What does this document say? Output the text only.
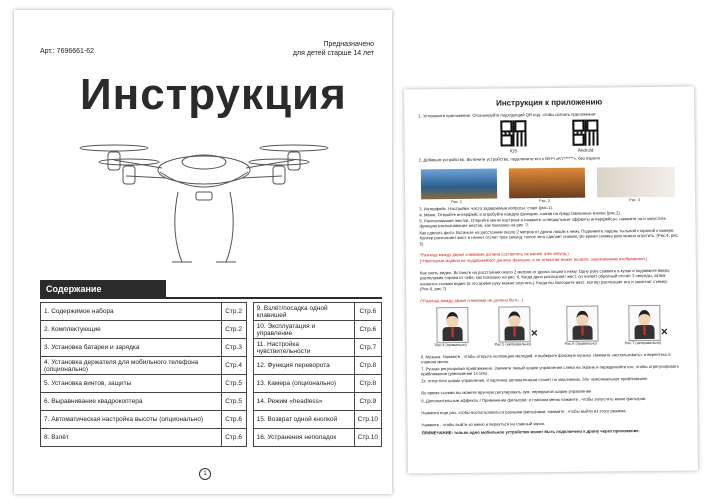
Арт.: 7696661-62
Предназначено
для детей старше 14 лет
Инструкция
Содержание
1. Содержимое набора	Стр.2		9. Взлёт/посадка одной клавишей	Стр.6
2. Комплектующие	Стр.2		10. Эксплуатация и управление	Стр.6
3. Установка батареи и зарядка	Стр.3		11. Настройка чувствительности	Стр.7
4. Установка держателя для мобильного телефона (опционально)	Стр.4		12. Функция переворота	Стр.8
5. Установка винтов, защиты	Стр.5		13. Камера (опционально)	Стр.8
6. Выравнивание квадрокоптера	Стр.5		14. Режим «headless»	Стр.9
7. Автоматическая настройка высоты (опционально)	Стр.6		15. Возврат одной кнопкой	Стр.10
8. Взлёт	Стр.6		16. Устранения неполадок	Стр.10
1
Инструкция к приложению
1. Установите приложение. Отсканируйте подходящий QR-код, чтобы скачать приложение:
IOS	Android
2. Добавьте устройство. Включите устройство, подключите его к Wi-Fi «KY******», без пароля
Рис. 1	Рис. 2	Рис. 3
3. Интерфейс. Настройки, часто задаваемые вопросы, старт (рис.1).
4. Меню. Откройте интерфейс и опробуйте каждую функцию, нажав на представленные кнопки (рис.2).
5. Распознавание жестов. Откройте меню настроек и нажмите «специальные эффекты интерфейса», нажмите на и запустите функцию распознавания жестов, как показано на рис. 3.
Как сделать фото. Встаньте на расстоянии около 2 метров от дрона лицом к нему. Поднимите ладонь тыльной стороной к камере. Коптер распознает жест и начнет отсчет трех секунд, после чего сделает снимок. Во время снимка руку можно опустить. (Рис.4, рис. 5)
*Разница между двумя снимками должна составлять не менее трех секунд.)
(*Некоторые модели не поддерживают данную функцию, и не открытие может вызвать зацикливание изображения.)
Как снять видео. Встаньте на расстоянии около 2 метров от дрона лицом к нему. Одну руку сожмите в кулак и поднимите вверх, расположив справа от себя, как показано на рис. 6. Когда дрон распознает жест, он начнет обратный отсчёт 3 секунды, затем начнется съемка видео (в это время руку можно опустить). Когда вы повторите жест, коптер распознает его и закончит съемку. (Рис.6, рис.7)
(*Разница между двумя снимками не должна быть...)
✕	✕
Рис.4 (правильно)	Рис.5 (неправильно)	Рис.6 (правильно)	Рис.7 (неправильно)
6. Музыка. Нажмите , чтобы открыть коллекцию мелодий, и выберите фоновую музыку. Нажмите «использовать» и вернитесь в главное меню.
7. Ручная регулировка приближения. Зажмите левый шарик управления слева на экране и передвигайте его, чтобы отрегулировать приближение (увеличение 1x-50x).
1x: отпустите шарик управления, и картинка автоматически станет по умолчанию. 50x: максимальное приближение.
Во время съемки вы можете вручную регулировать зум, передвигая шарик управления
8. Дополнительные эффекты / Применение фильтров: в главном меню нажмите , чтобы запустить меню фильтров.
Нажмите еще раз, чтобы воспользоваться разными фильтрами, нажмите , чтобы выйти из этого режима.
Нажмите , чтобы выйти из меню и вернуться на главный экран.
ПРИМЕЧАНИЕ: только одно мобильное устройство может быть подключено к дрону через приложение.
